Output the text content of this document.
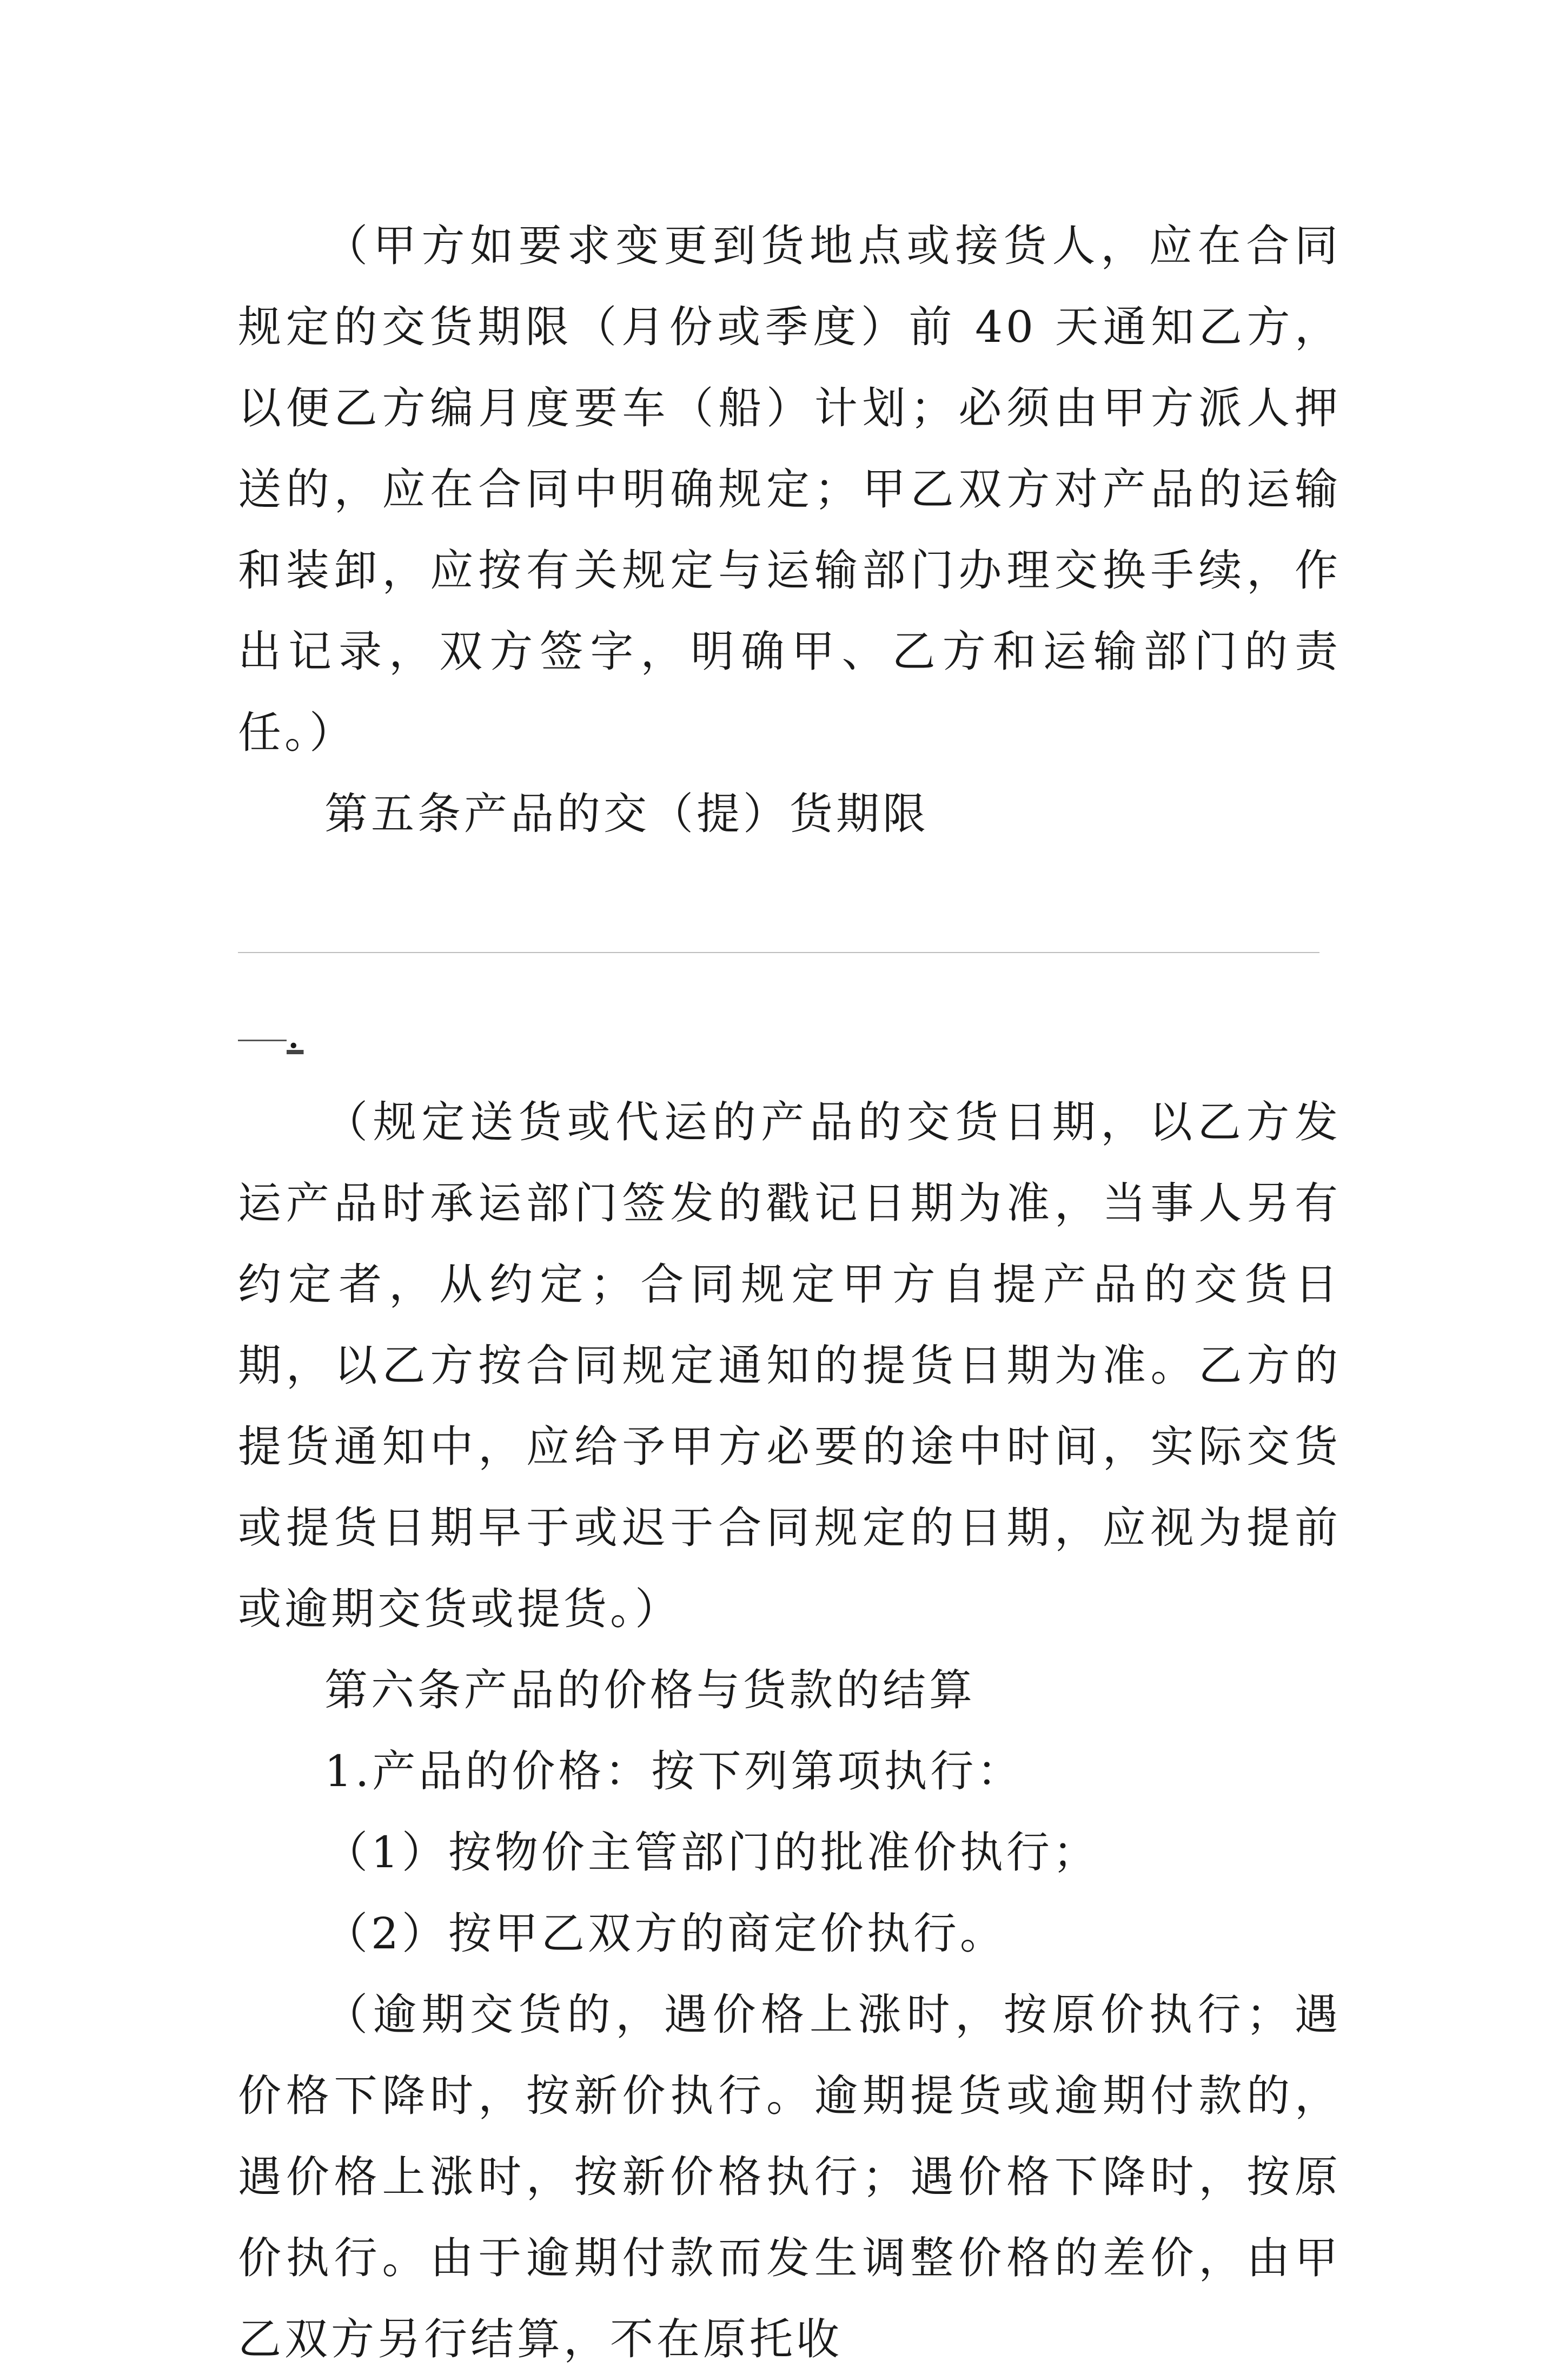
（甲方如要求变更到货地点或接货人，应在合同规定的交货期限（月份或季度）前 40 天通知乙方，以便乙方编月度要车（船）计划；必须由甲方派人押送的，应在合同中明确规定；甲乙双方对产品的运输和装卸，应按有关规定与运输部门办理交换手续，作出记录，双方签字，明确甲、乙方和运输部门的责任。）

第五条产品的交（提）货期限

.

（规定送货或代运的产品的交货日期，以乙方发运产品时承运部门签发的戳记日期为准，当事人另有约定者，从约定；合同规定甲方自提产品的交货日期，以乙方按合同规定通知的提货日期为准。乙方的提货通知中，应给予甲方必要的途中时间，实际交货或提货日期早于或迟于合同规定的日期，应视为提前或逾期交货或提货。）

第六条产品的价格与货款的结算

1.产品的价格：按下列第项执行：

（1）按物价主管部门的批准价执行；

（2）按甲乙双方的商定价执行。

（逾期交货的，遇价格上涨时，按原价执行；遇价格下降时，按新价执行。逾期提货或逾期付款的，遇价格上涨时，按新价格执行；遇价格下降时，按原价执行。由于逾期付款而发生调整价格的差价，由甲乙双方另行结算，不在原托收
